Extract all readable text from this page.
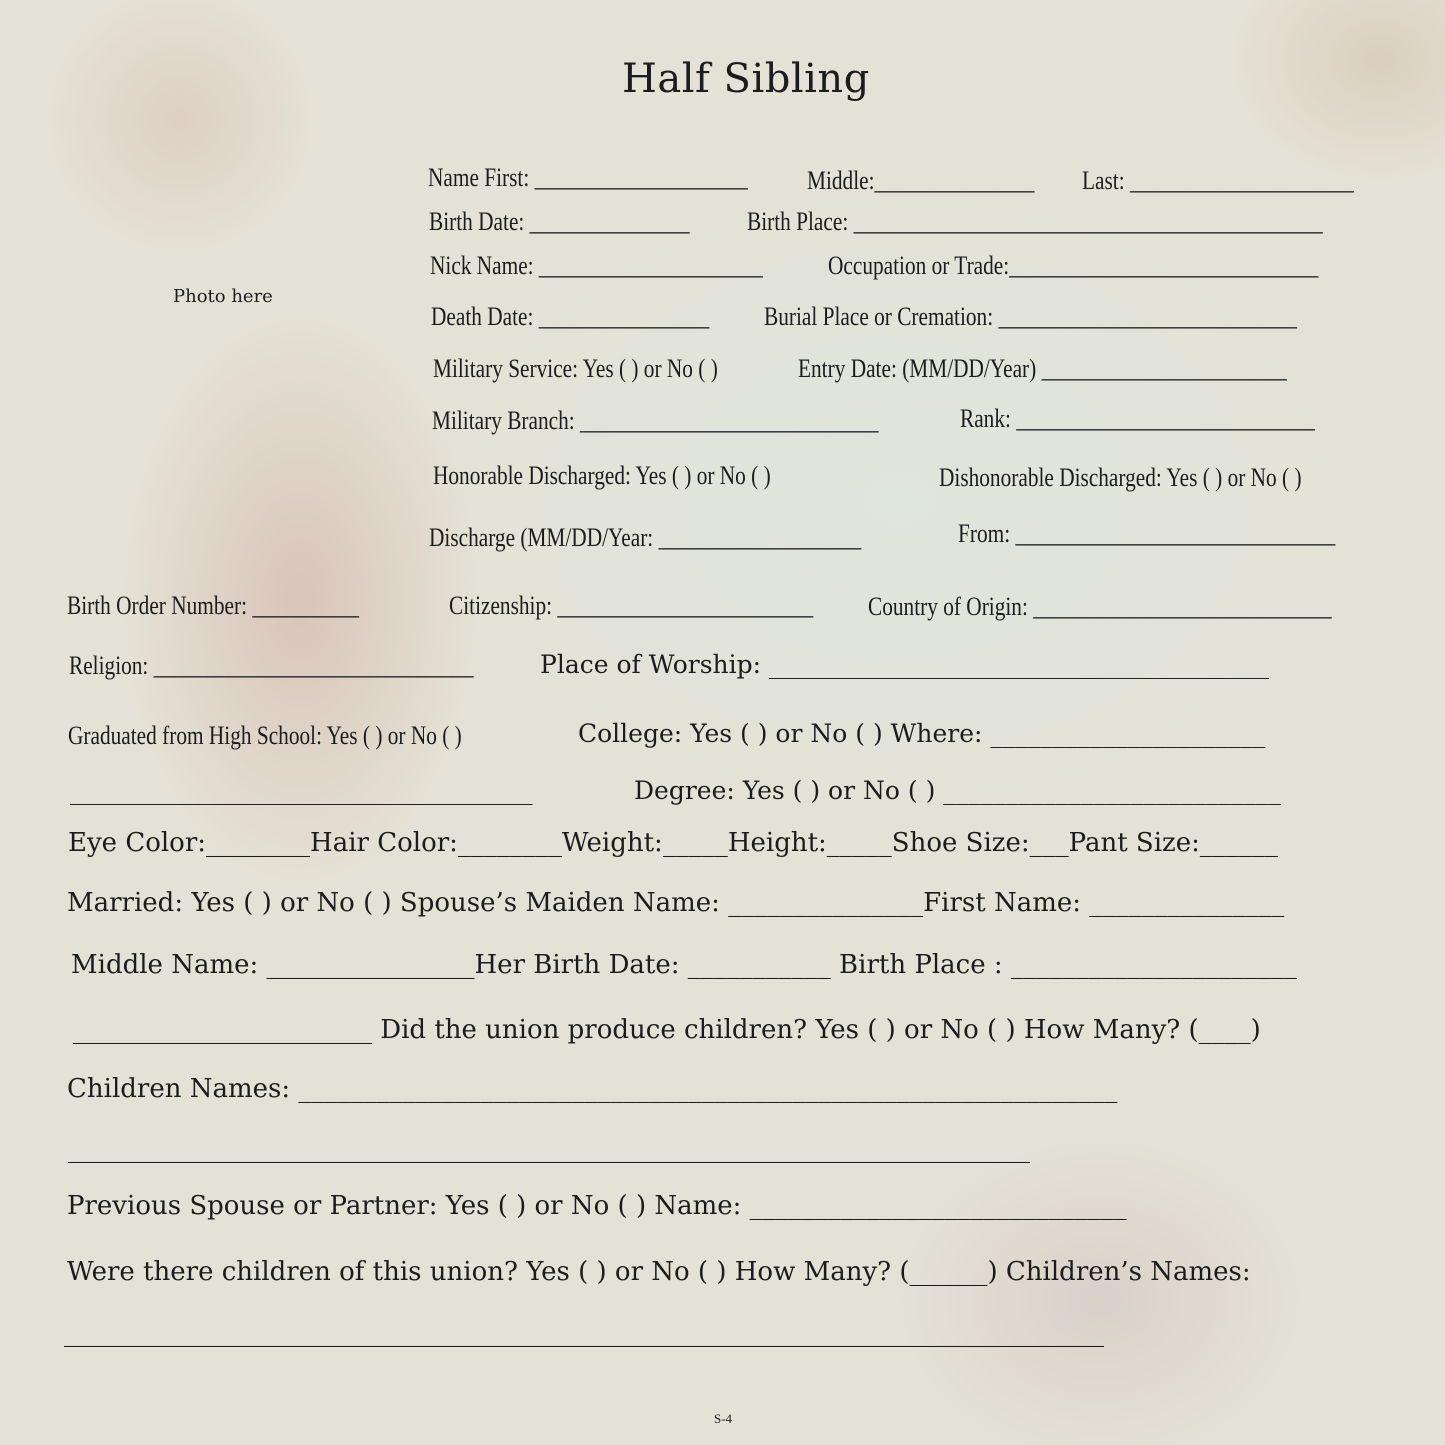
Half Sibling
Photo here
Name First: ____________________ Middle:_______________ Last: _____________________
Birth Date: _______________ Birth Place: ____________________________________________
Nick Name: _____________________	Occupation or Trade:_____________________________
Death Date: ________________ Burial Place or Cremation: ____________________________
Military Service: Yes ( ) or No ( )	Entry Date: (MM/DD/Year) _______________________
Military Branch: ____________________________	Rank: ____________________________
Honorable Discharged: Yes ( ) or No ( )	Dishonorable Discharged: Yes ( ) or No ( )
Discharge (MM/DD/Year: ___________________	From: ______________________________
Birth Order Number: __________	Citizenship: ________________________ Country of Origin: ____________________________
Religion: ______________________________	Place of Worship: ________________________________________
Graduated from High School: Yes ( ) or No ( )	College: Yes ( ) or No ( ) Where: ______________________
_____________________________________	Degree: Yes ( ) or No ( ) ___________________________
Eye Color:________Hair Color:________Weight:_____Height:_____Shoe Size:___Pant Size:______
Married: Yes ( ) or No ( ) Spouse’s Maiden Name: _______________First Name: _______________
Middle Name: ________________Her Birth Date: ___________ Birth Place : ______________________
_______________________ Did the union produce children? Yes ( ) or No ( ) How Many? (____)
Children Names: _______________________________________________________________
__________________________________________________________________________
Previous Spouse or Partner: Yes ( ) or No ( ) Name: _____________________________
Were there children of this union? Yes ( ) or No ( ) How Many? (______) Children’s Names:
________________________________________________________________________________
S-4
